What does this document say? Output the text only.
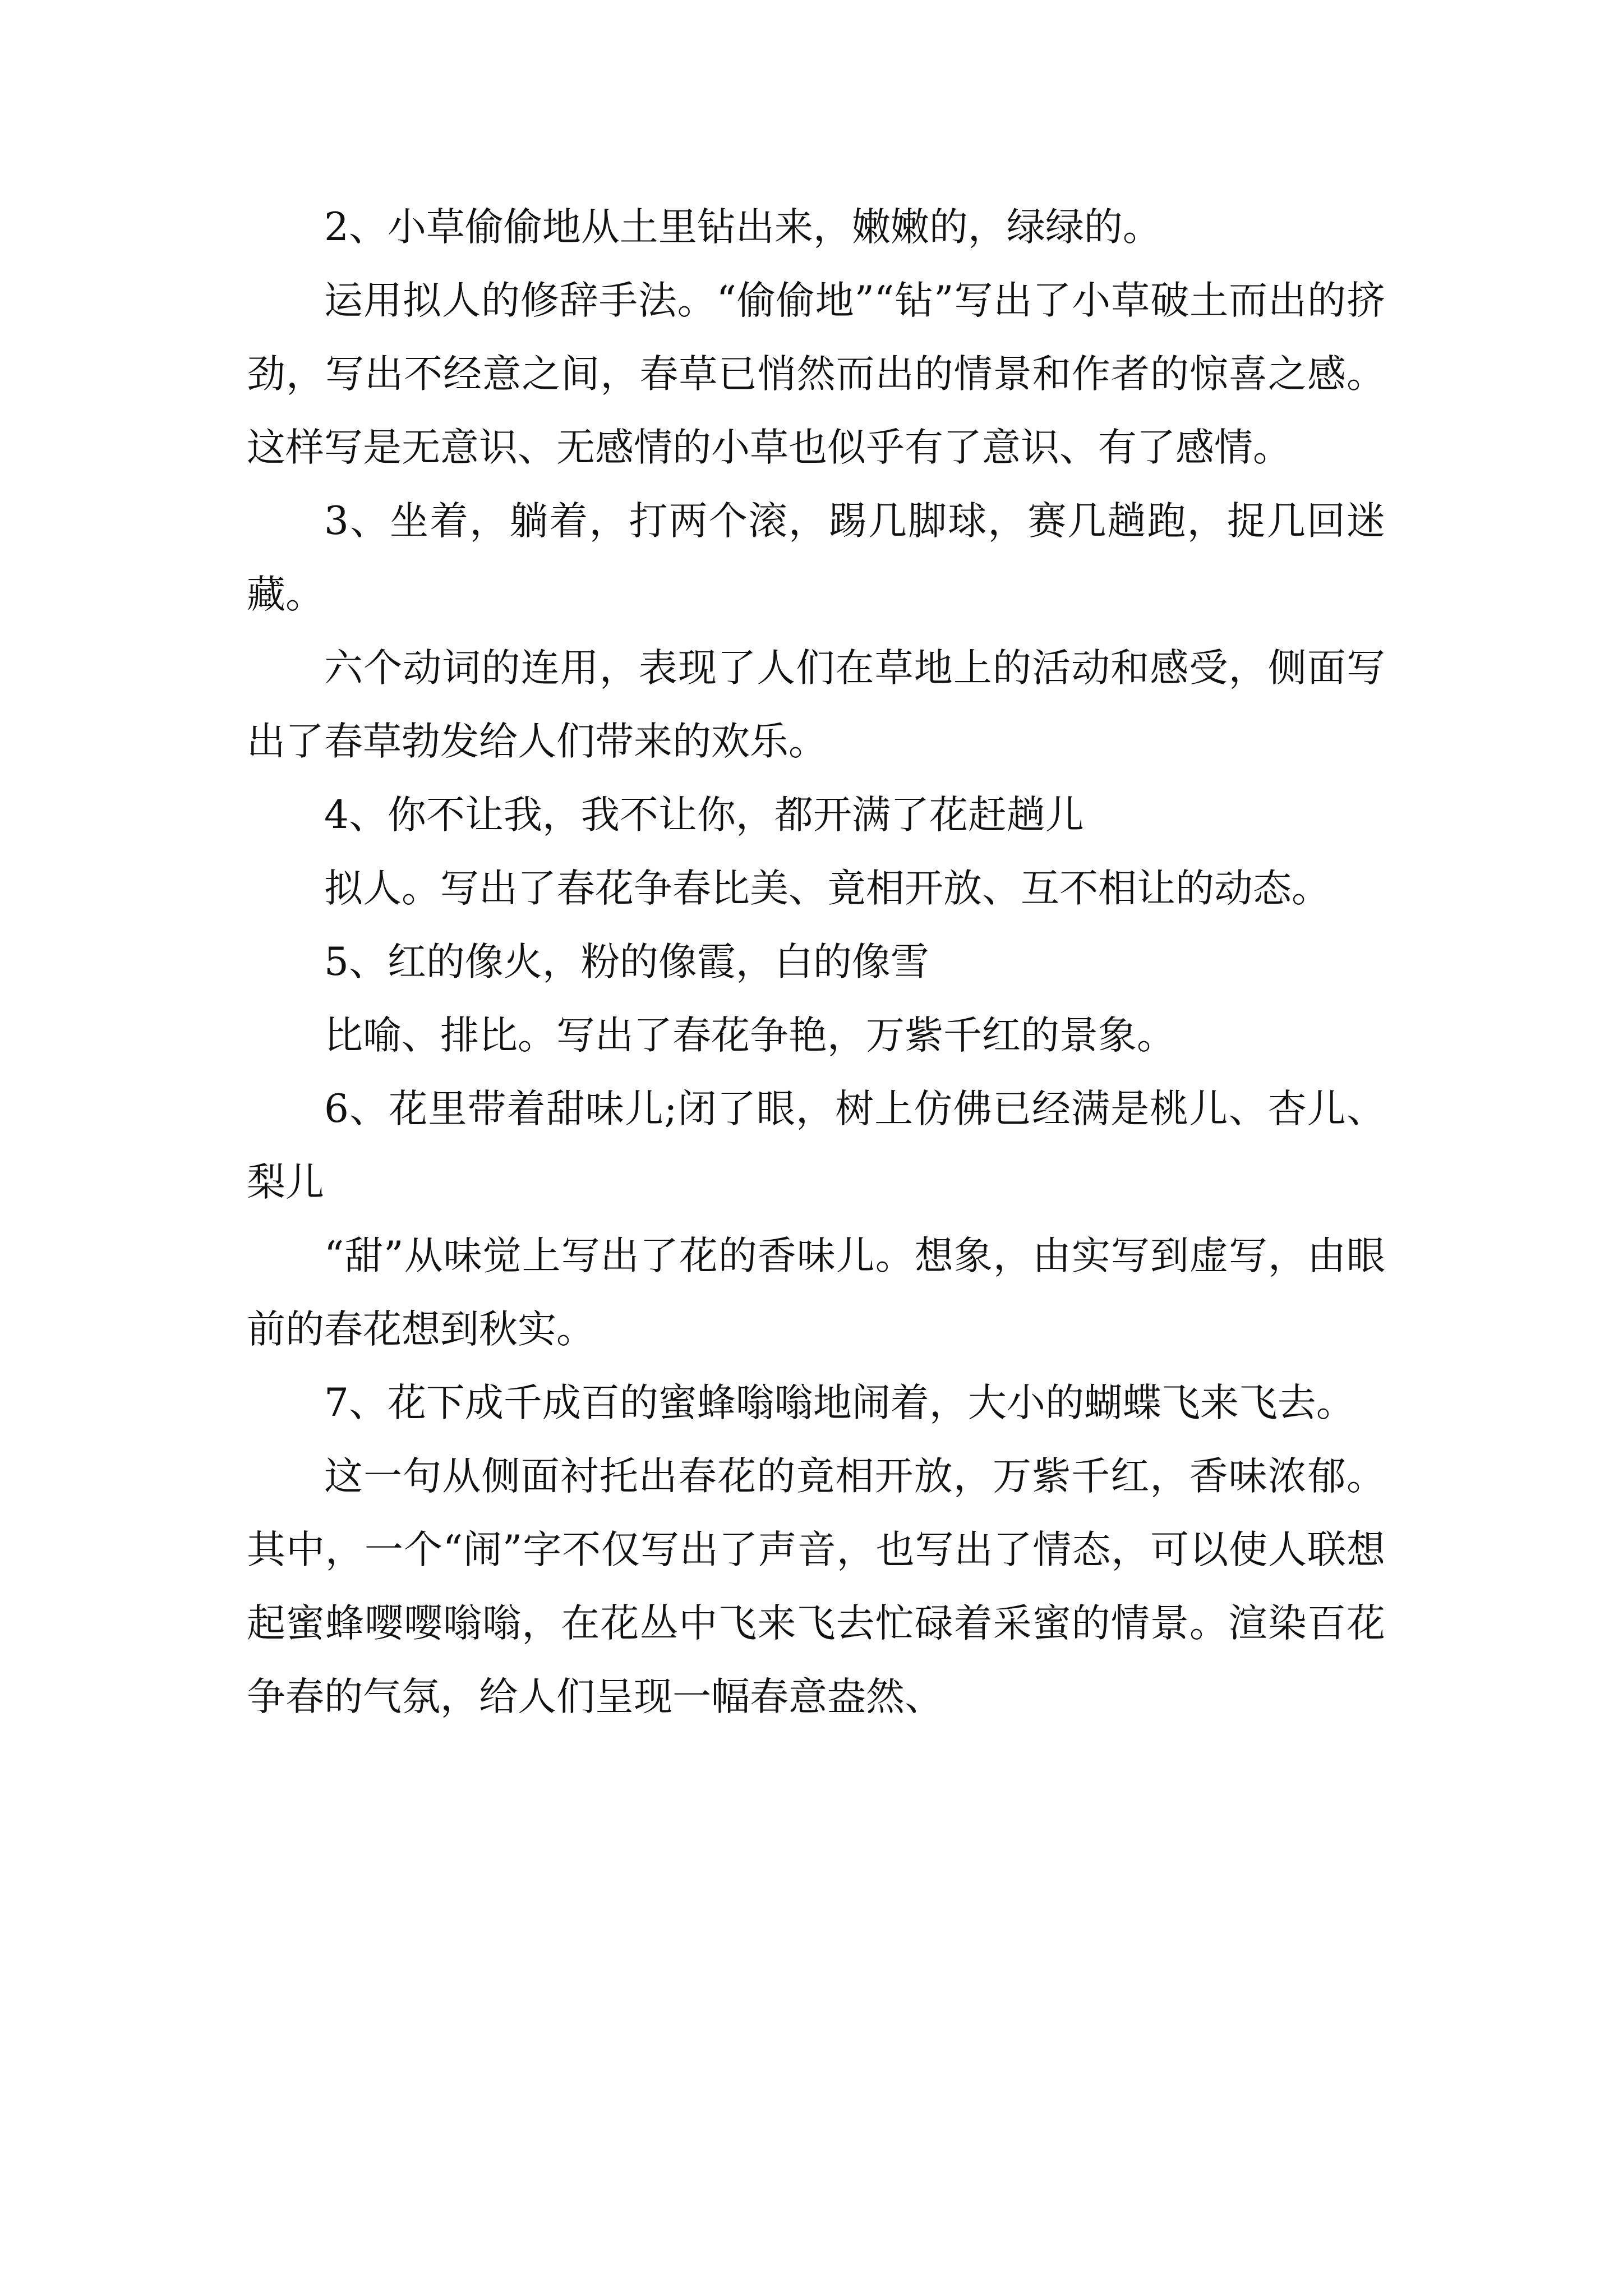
2、小草偷偷地从土里钻出来，嫩嫩的，绿绿的。

运用拟人的修辞手法。“偷偷地”“钻”写出了小草破土而出的挤劲，写出不经意之间，春草已悄然而出的情景和作者的惊喜之感。这样写是无意识、无感情的小草也似乎有了意识、有了感情。

3、坐着，躺着，打两个滚，踢几脚球，赛几趟跑，捉几回迷藏。

六个动词的连用，表现了人们在草地上的活动和感受，侧面写出了春草勃发给人们带来的欢乐。

4、你不让我，我不让你，都开满了花赶趟儿

拟人。写出了春花争春比美、竟相开放、互不相让的动态。

5、红的像火，粉的像霞，白的像雪

比喻、排比。写出了春花争艳，万紫千红的景象。

6、花里带着甜味儿;闭了眼，树上仿佛已经满是桃儿、杏儿、梨儿

“甜”从味觉上写出了花的香味儿。想象，由实写到虚写，由眼前的春花想到秋实。

7、花下成千成百的蜜蜂嗡嗡地闹着，大小的蝴蝶飞来飞去。

这一句从侧面衬托出春花的竟相开放，万紫千红，香味浓郁。其中，一个“闹”字不仅写出了声音，也写出了情态，可以使人联想起蜜蜂嘤嘤嗡嗡，在花丛中飞来飞去忙碌着采蜜的情景。渲染百花争春的气氛，给人们呈现一幅春意盎然、
